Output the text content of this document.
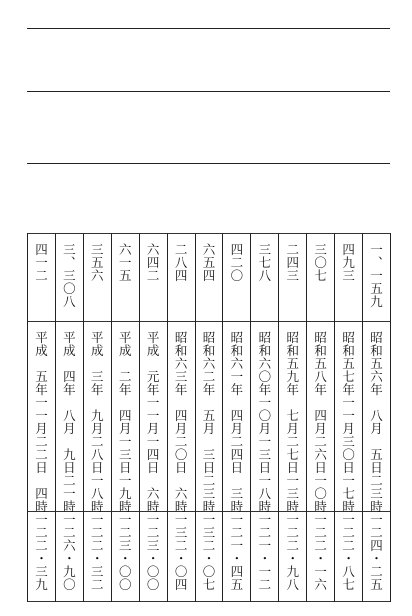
一、一五九
昭和五六年　八月　五日二三時
一二四・二五
四九三
昭和五七年一一月三〇日一七時
一二二・八七
三〇七
昭和五八年　四月二六日一〇時
一二二・一六
二四三
昭和五九年　七月二七日一三時
一二二・九八
三七八
昭和六〇年一〇月一三日一八時
一二一・一二
四二〇
昭和六一年　四月二四日　三時
一二一・四五
六五四
昭和六二年　五月　三日二三時
一三二・〇七
二八四
昭和六三年　四月二〇日　六時
一三二・〇四
六四二
平成　元年一一月一四日　六時
一二三・〇〇
六一五
平成　二年　四月一三日一九時
一二三・〇〇
三五六
平成　三年　九月二八日一八時
一二二・三二
三、三〇八
平成　四年　八月　九日二一時
一二六・九〇
四一二
平成　五年一一月二二日　四時
一二二・三九
